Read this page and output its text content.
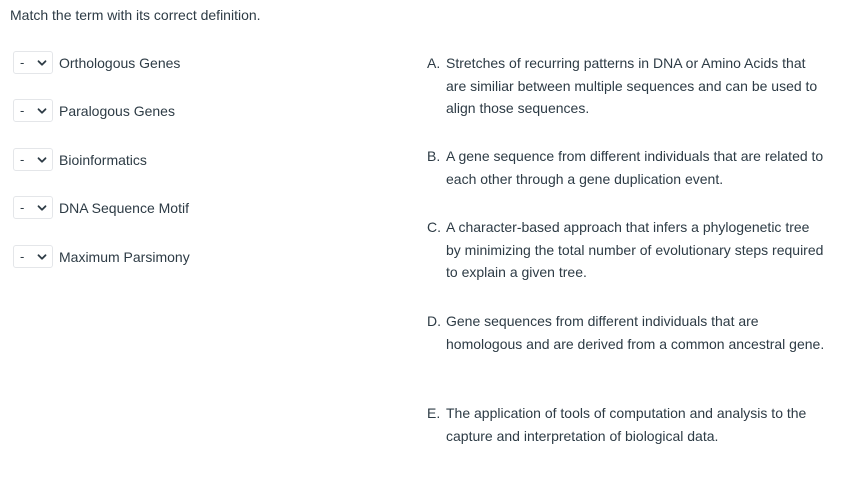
Match the term with its correct definition.
- Orthologous Genes
- Paralogous Genes
- Bioinformatics
- DNA Sequence Motif
- Maximum Parsimony
A. Stretches of recurring patterns in DNA or Amino Acids that are similiar between multiple sequences and can be used to align those sequences.
B. A gene sequence from different individuals that are related to each other through a gene duplication event.
C. A character-based approach that infers a phylogenetic tree by minimizing the total number of evolutionary steps required to explain a given tree.
D. Gene sequences from different individuals that are homologous and are derived from a common ancestral gene.
E. The application of tools of computation and analysis to the capture and interpretation of biological data.
